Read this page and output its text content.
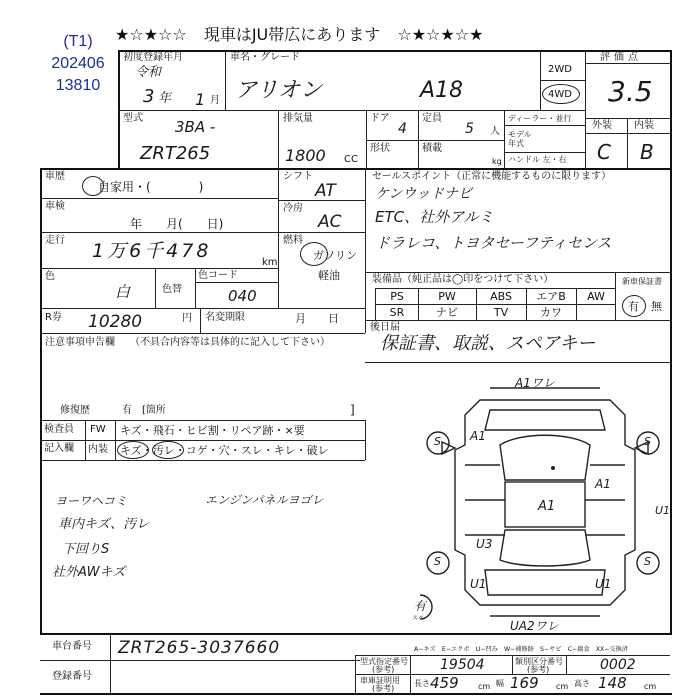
(T1)
202406
13810
★☆★☆☆ 現車はJU帯広にあります ☆★☆★☆★
初度登録年月
令和
3 年 1 月
車名・グレード
アリオン	A18
2WD
4WD
評価点
3.5
型式 3BA -
ZRT265
排気量
1800 CC
ドア
4
定員
5 人
形状	積載
kg
ディーラー・並行
モデル年式
ハンドル 左・右
外装 内装
C B
車歴
自家用・(　　　　)
車検
年　　月(　　日)
走行 1万6千478
km
色
白	色替
色コード
040
シフト
AT
冷房
AC
燃料
ガソリン
軽油
R券 10280	円 名変期限	月　　日
セールスポイント（正常に機能するものに限ります）
ケンウッドナビ
ETC、社外アルミ
ドラレコ、トヨタセーフティセンス
装備品（純正品は◯印をつけて下さい）
PS	PW	ABS	エアB	AW
SR	ナビ	TV	カワ
新車保証書
有 無
後日届
保証書、取説、スペアキー
注意事項申告欄 （不具合内容等は具体的に記入して下さい）
修復歴	有　[箇所	]
検査員
記入欄
FW キズ・飛石・ヒビ割・リペア跡・×要
内装 キズ・汚レ・コゲ・穴・スレ・キレ・破レ
ヨーワヘコミ
車内キズ、汚レ
下回りS
社外AWキズ
エンジンパネルヨゴレ
A1ワレ
UA2ワレ
A1
U3
U1
A1
U1
A1	U1
S	S
S	S
有
スペ
A−キズ　E−エクボ　U−凹み　W−補修跡　S−サビ　C−腐食　XX−交換済
車台番号 ZRT265-3037660
登録番号
型式指定番号
(参考)	19504	類別区分番号
(参考)	0002
車庫証明用
(参考)
長さ 459 cm 幅 169 cm 高さ 148 cm
